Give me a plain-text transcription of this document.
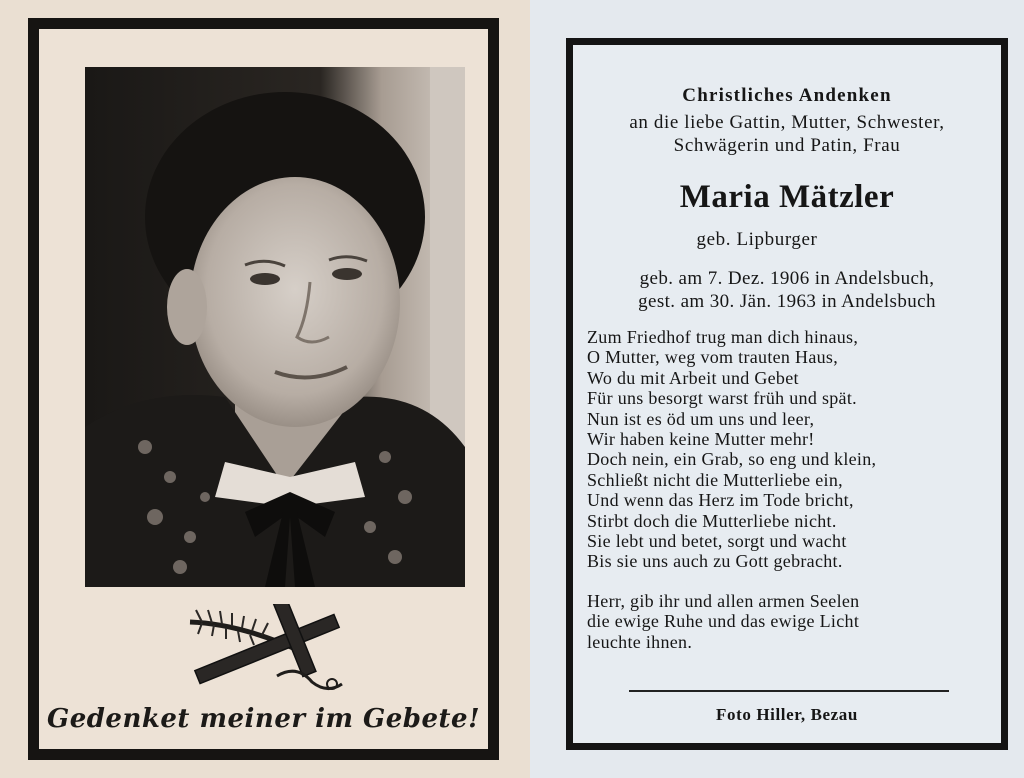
Gedenket meiner im Gebete!
Christliches Andenken
an die liebe Gattin, Mutter, Schwester,
Schwägerin und Patin, Frau
Maria Mätzler
geb. Lipburger
geb. am 7. Dez. 1906 in Andelsbuch,
gest. am 30. Jän. 1963 in Andelsbuch
Zum Friedhof trug man dich hinaus,
O Mutter, weg vom trauten Haus,
Wo du mit Arbeit und Gebet
Für uns besorgt warst früh und spät.
Nun ist es öd um uns und leer,
Wir haben keine Mutter mehr!
Doch nein, ein Grab, so eng und klein,
Schließt nicht die Mutterliebe ein,
Und wenn das Herz im Tode bricht,
Stirbt doch die Mutterliebe nicht.
Sie lebt und betet, sorgt und wacht
Bis sie uns auch zu Gott gebracht.
Herr, gib ihr und allen armen Seelen
die ewige Ruhe und das ewige Licht
leuchte ihnen.
Foto Hiller, Bezau
